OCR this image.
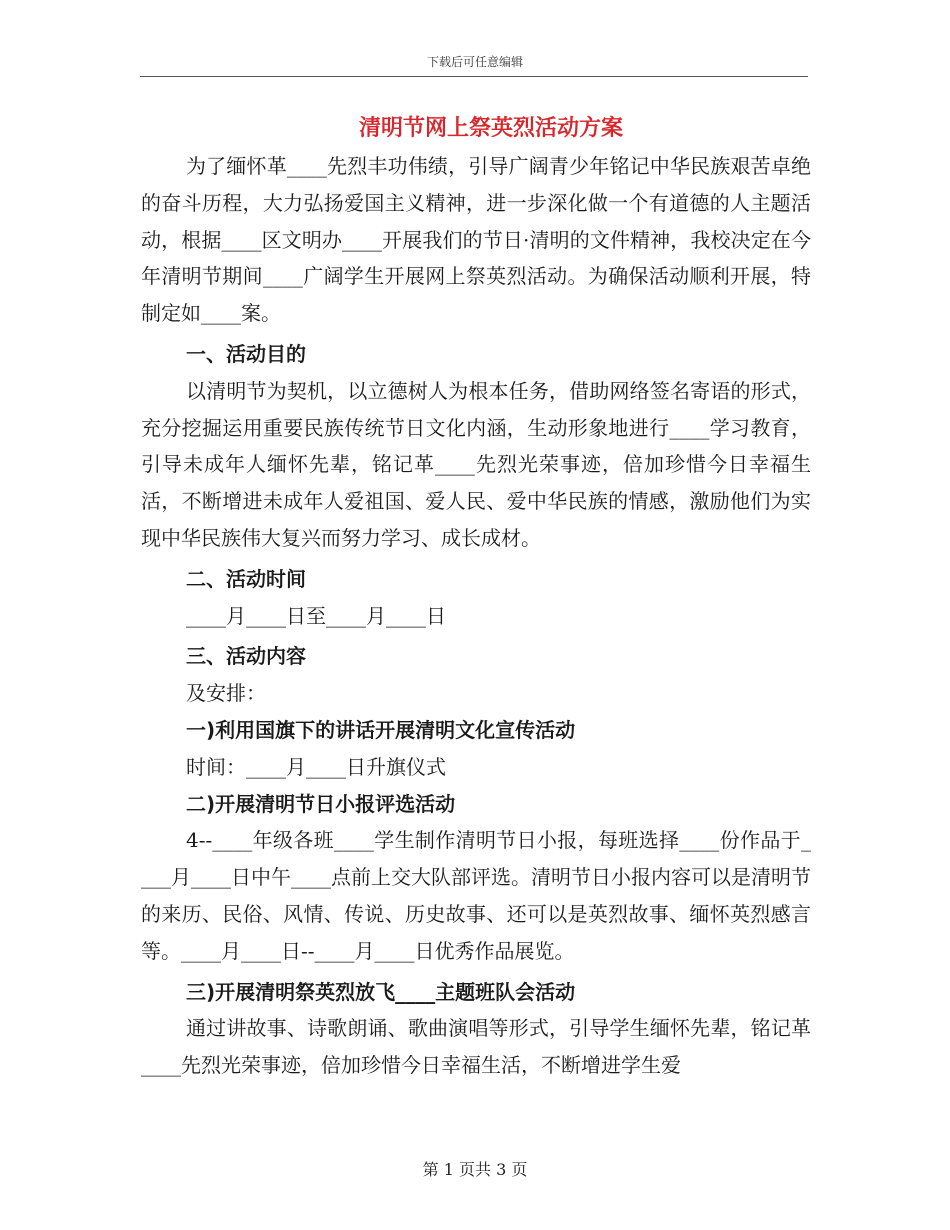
下载后可任意编辑
清明节网上祭英烈活动方案

为了缅怀革____先烈丰功伟绩，引导广阔青少年铭记中华民族艰苦卓绝的奋斗历程，大力弘扬爱国主义精神，进一步深化做一个有道德的人主题活动，根据____区文明办____开展我们的节日·清明的文件精神，我校决定在今年清明节期间____广阔学生开展网上祭英烈活动。为确保活动顺利开展，特制定如____案。

一、活动目的

以清明节为契机，以立德树人为根本任务，借助网络签名寄语的形式，充分挖掘运用重要民族传统节日文化内涵，生动形象地进行____学习教育，引导未成年人缅怀先辈，铭记革____先烈光荣事迹，倍加珍惜今日幸福生活，不断增进未成年人爱祖国、爱人民、爱中华民族的情感，激励他们为实现中华民族伟大复兴而努力学习、成长成材。

二、活动时间

____月____日至____月____日

三、活动内容

及安排：

一)利用国旗下的讲话开展清明文化宣传活动

时间：____月____日升旗仪式

二)开展清明节日小报评选活动

4--____年级各班____学生制作清明节日小报，每班选择____份作品于____月____日中午____点前上交大队部评选。清明节日小报内容可以是清明节的来历、民俗、风情、传说、历史故事、还可以是英烈故事、缅怀英烈感言等。____月____日--____月____日优秀作品展览。

三)开展清明祭英烈放飞____主题班队会活动

通过讲故事、诗歌朗诵、歌曲演唱等形式，引导学生缅怀先辈，铭记革____先烈光荣事迹，倍加珍惜今日幸福生活，不断增进学生爱

第 1 页共 3 页
